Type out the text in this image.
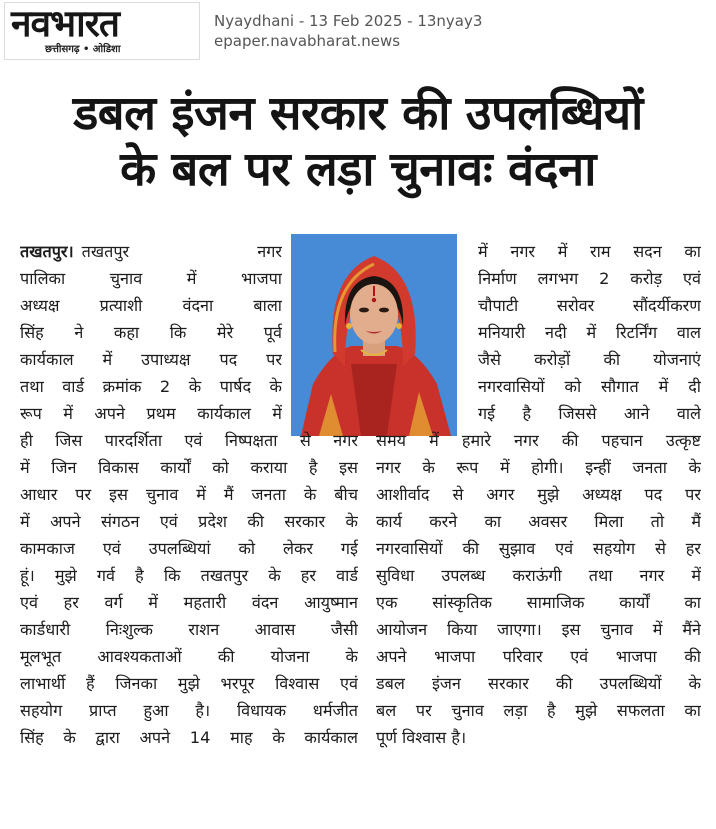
नवभारत
छत्तीसगढ़ • ओडिशा
Nyaydhani - 13 Feb 2025 - 13nyay3
epaper.navabharat.news
डबल इंजन सरकार की उपलब्धियों
के बल पर लड़ा चुनावः वंदना
तखतपुर। तखतपुर नगर
पालिका चुनाव में भाजपा
अध्यक्ष प्रत्याशी वंदना बाला
सिंह ने कहा कि मेरे पूर्व
कार्यकाल में उपाध्यक्ष पद पर
तथा वार्ड क्रमांक 2 के पार्षद के
रूप में अपने प्रथम कार्यकाल में
ही जिस पारदर्शिता एवं निष्पक्षता से नगर
में जिन विकास कार्यों को कराया है इस
आधार पर इस चुनाव में मैं जनता के बीच
में अपने संगठन एवं प्रदेश की सरकार के
कामकाज एवं उपलब्धियां को लेकर गई
हूं। मुझे गर्व है कि तखतपुर के हर वार्ड
एवं हर वर्ग में महतारी वंदन आयुष्मान
कार्डधारी निःशुल्क राशन आवास जैसी
मूलभूत आवश्यकताओं की योजना के
लाभार्थी हैं जिनका मुझे भरपूर विश्वास एवं
सहयोग प्राप्त हुआ है। विधायक धर्मजीत
सिंह के द्वारा अपने 14 माह के कार्यकाल
में नगर में राम सदन का
निर्माण लगभग 2 करोड़ एवं
चौपाटी सरोवर सौंदर्यीकरण
मनियारी नदी में रिटर्निंग वाल
जैसे करोड़ों की योजनाएं
नगरवासियों को सौगात में दी
गई है जिससे आने वाले
समय में हमारे नगर की पहचान उत्कृष्ट
नगर के रूप में होगी। इन्हीं जनता के
आशीर्वाद से अगर मुझे अध्यक्ष पद पर
कार्य करने का अवसर मिला तो मैं
नगरवासियों की सुझाव एवं सहयोग से हर
सुविधा उपलब्ध कराऊंगी तथा नगर में
एक सांस्कृतिक सामाजिक कार्यों का
आयोजन किया जाएगा। इस चुनाव में मैंने
अपने भाजपा परिवार एवं भाजपा की
डबल इंजन सरकार की उपलब्धियों के
बल पर चुनाव लड़ा है मुझे सफलता का
पूर्ण विश्वास है।
